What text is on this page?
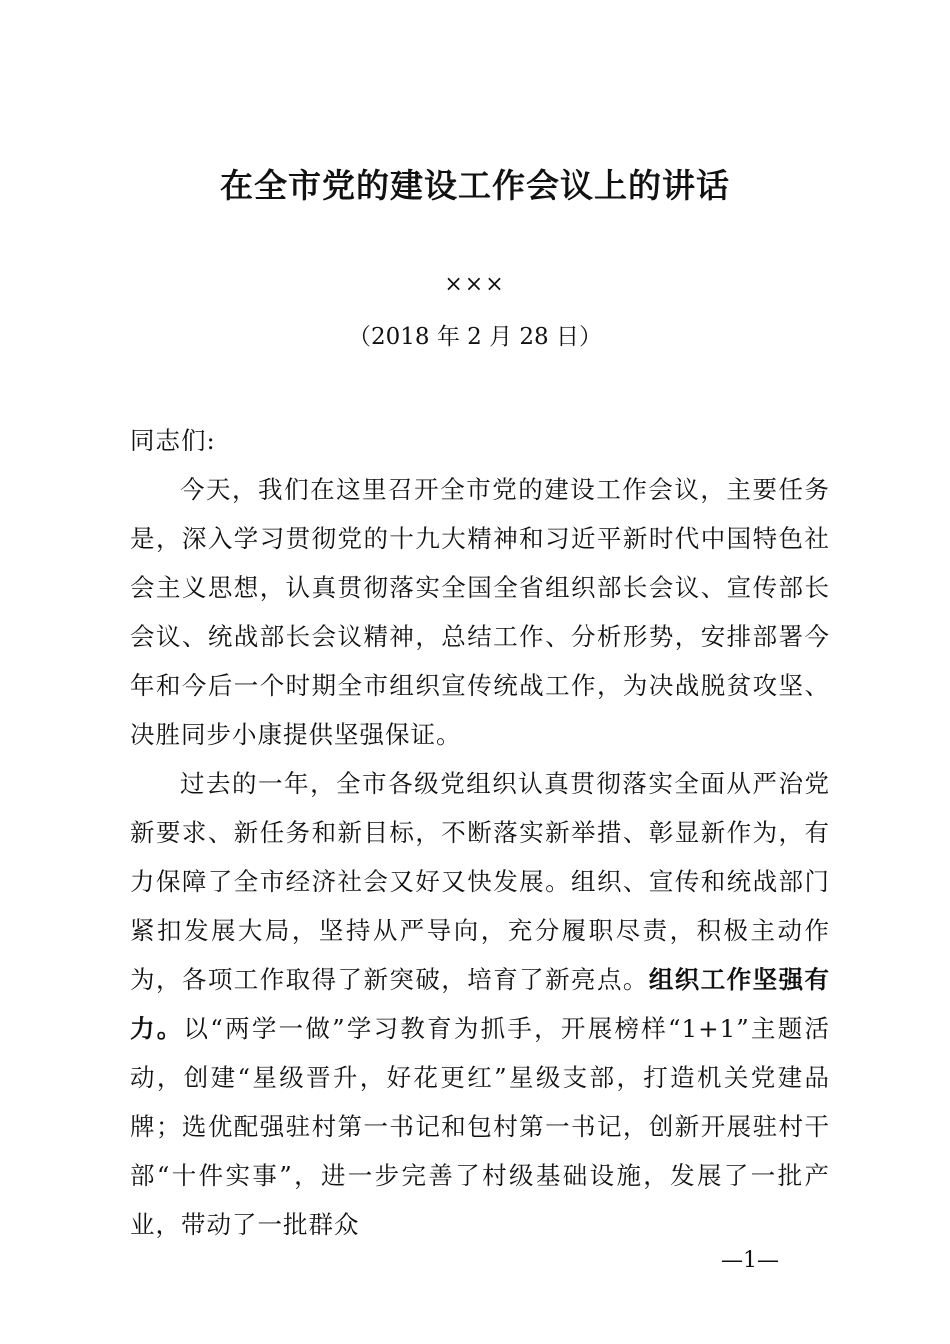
在全市党的建设工作会议上的讲话
×××
（2018 年 2 月 28 日）

同志们:

今天，我们在这里召开全市党的建设工作会议，主要任务是，深入学习贯彻党的十九大精神和习近平新时代中国特色社会主义思想，认真贯彻落实全国全省组织部长会议、宣传部长会议、统战部长会议精神，总结工作、分析形势，安排部署今年和今后一个时期全市组织宣传统战工作，为决战脱贫攻坚、决胜同步小康提供坚强保证。

过去的一年，全市各级党组织认真贯彻落实全面从严治党新要求、新任务和新目标，不断落实新举措、彰显新作为，有力保障了全市经济社会又好又快发展。组织、宣传和统战部门紧扣发展大局，坚持从严导向，充分履职尽责，积极主动作为，各项工作取得了新突破，培育了新亮点。组织工作坚强有力。以“两学一做”学习教育为抓手，开展榜样“1+1”主题活动，创建“星级晋升，好花更红”星级支部，打造机关党建品牌；选优配强驻村第一书记和包村第一书记，创新开展驻村干部“十件实事”，进一步完善了村级基础设施，发展了一批产业，带动了一批群众

—1—
